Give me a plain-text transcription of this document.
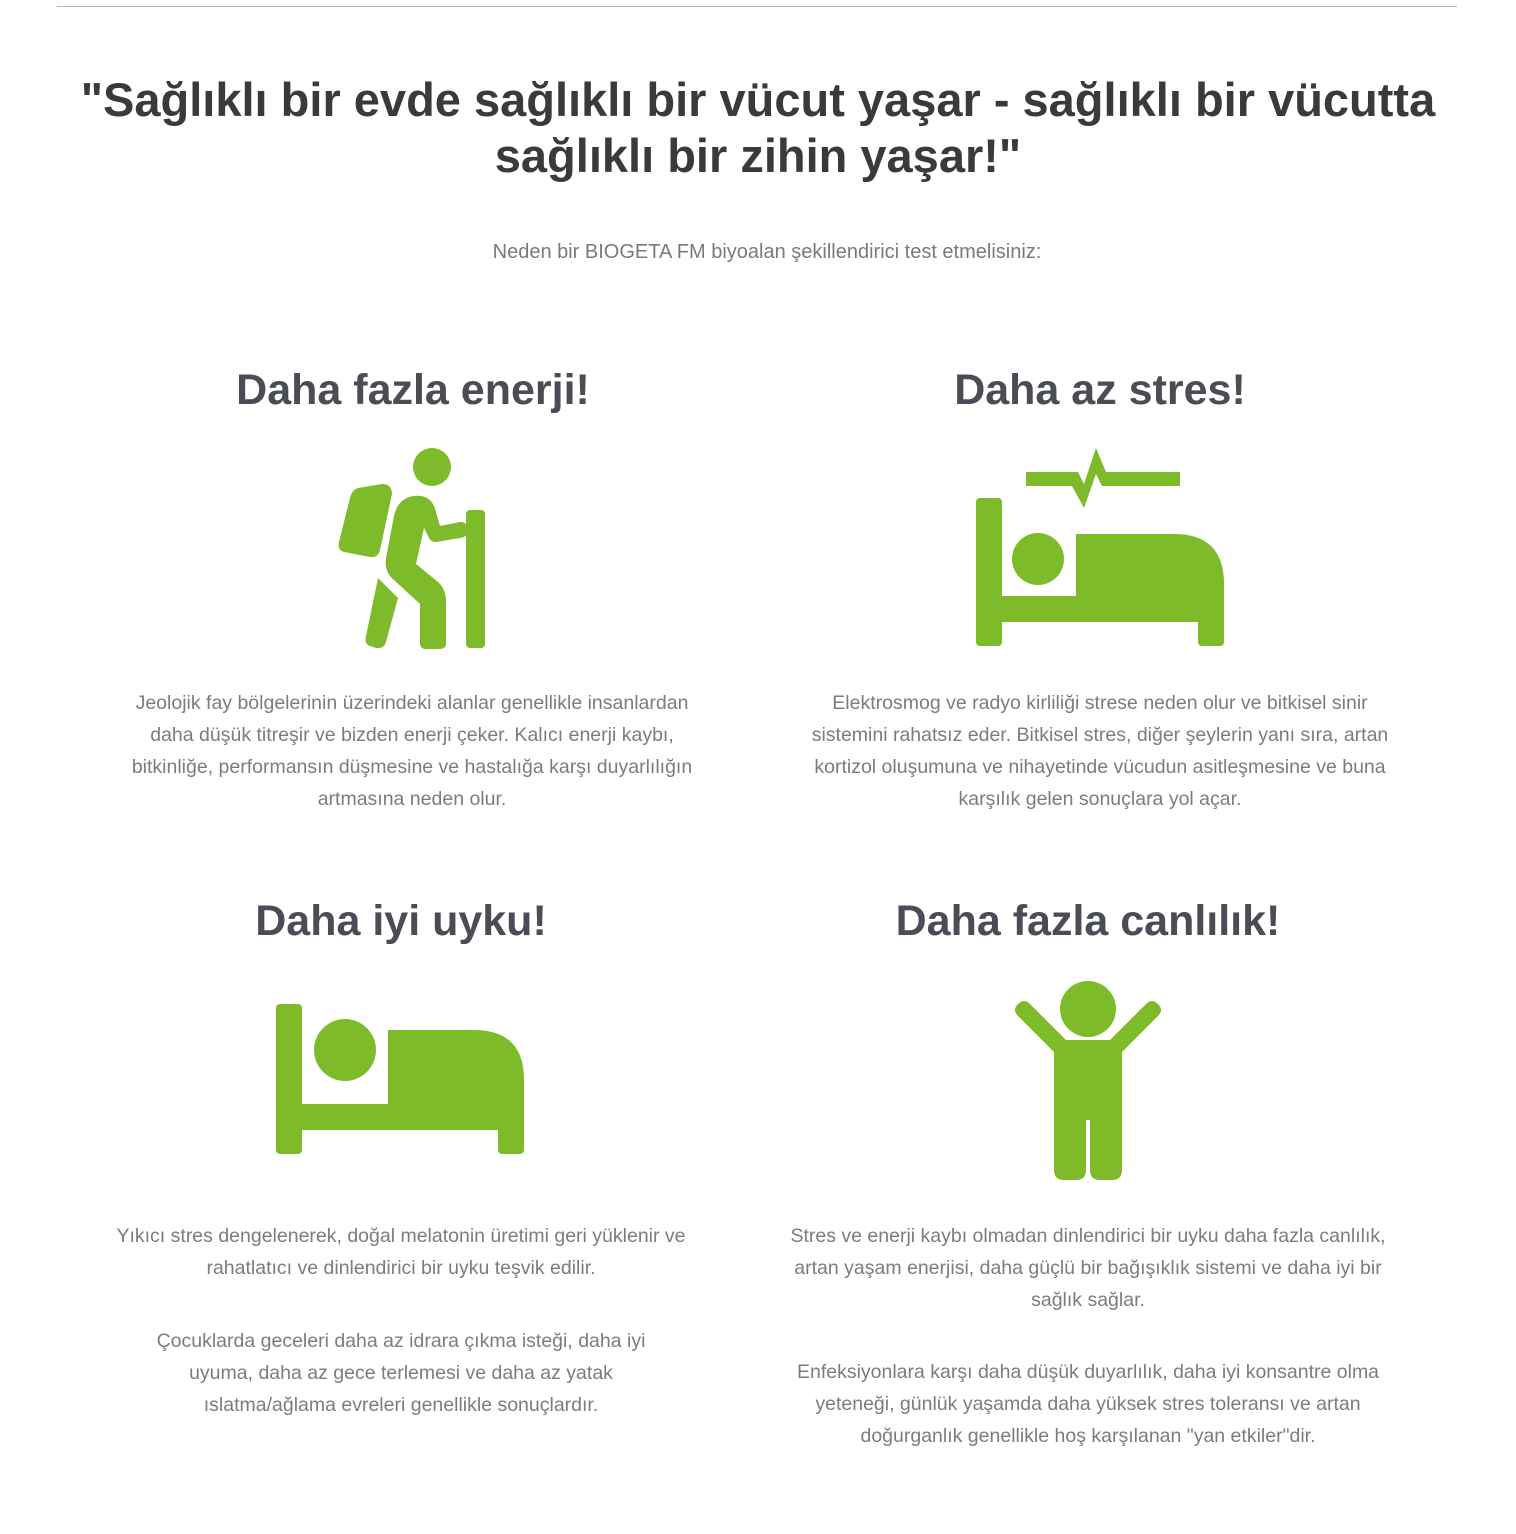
"Sağlıklı bir evde sağlıklı bir vücut yaşar - sağlıklı bir vücutta sağlıklı bir zihin yaşar!"

Neden bir BIOGETA FM biyoalan şekillendirici test etmelisiniz:

Daha fazla enerji!

Jeolojik fay bölgelerinin üzerindeki alanlar genellikle insanlardan daha düşük titreşir ve bizden enerji çeker. Kalıcı enerji kaybı, bitkinliğe, performansın düşmesine ve hastalığa karşı duyarlılığın artmasına neden olur.

Daha az stres!

Elektrosmog ve radyo kirliliği strese neden olur ve bitkisel sinir sistemini rahatsız eder. Bitkisel stres, diğer şeylerin yanı sıra, artan kortizol oluşumuna ve nihayetinde vücudun asitleşmesine ve buna karşılık gelen sonuçlara yol açar.

Daha iyi uyku!

Yıkıcı stres dengelenerek, doğal melatonin üretimi geri yüklenir ve rahatlatıcı ve dinlendirici bir uyku teşvik edilir.

Çocuklarda geceleri daha az idrara çıkma isteği, daha iyi uyuma, daha az gece terlemesi ve daha az yatak ıslatma/ağlama evreleri genellikle sonuçlardır.

Daha fazla canlılık!

Stres ve enerji kaybı olmadan dinlendirici bir uyku daha fazla canlılık, artan yaşam enerjisi, daha güçlü bir bağışıklık sistemi ve daha iyi bir sağlık sağlar.

Enfeksiyonlara karşı daha düşük duyarlılık, daha iyi konsantre olma yeteneği, günlük yaşamda daha yüksek stres toleransı ve artan doğurganlık genellikle hoş karşılanan "yan etkiler"dir.
